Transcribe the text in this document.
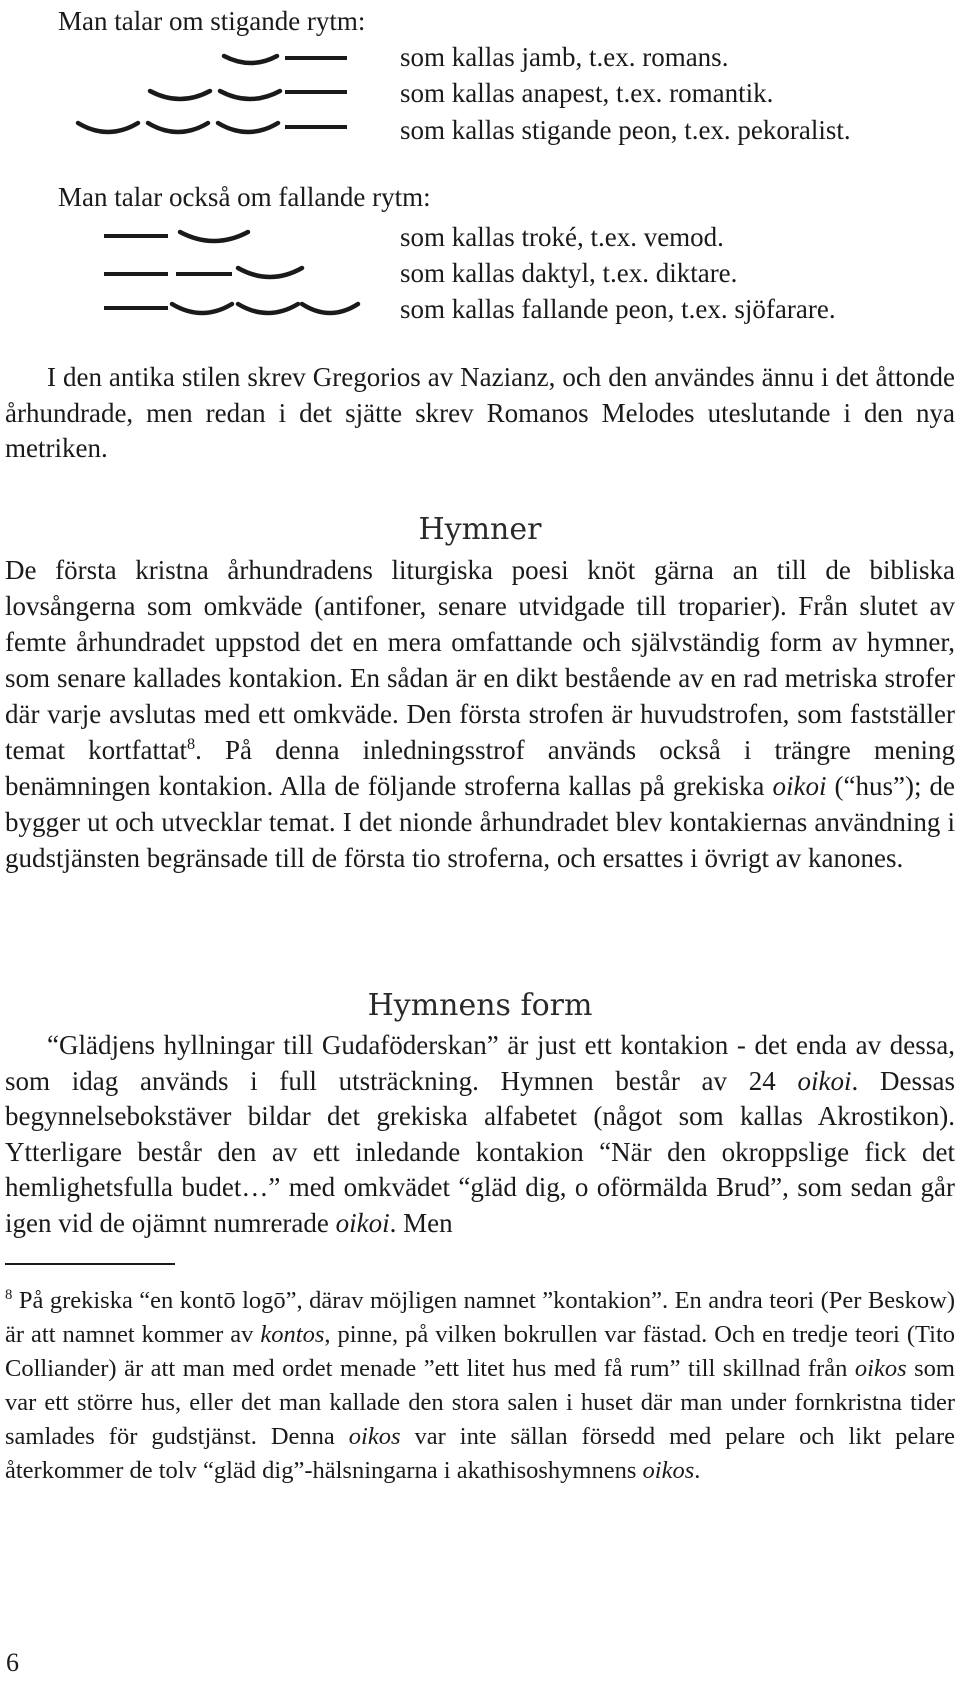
Man talar om stigande rytm:

som kallas jamb, t.ex. romans.
som kallas anapest, t.ex. romantik.
som kallas stigande peon, t.ex. pekoralist.

Man talar också om fallande rytm:

som kallas troké, t.ex. vemod.
som kallas daktyl, t.ex. diktare.
som kallas fallande peon, t.ex. sjöfarare.

I den antika stilen skrev Gregorios av Nazianz, och den användes ännu i det åttonde århundrade, men redan i det sjätte skrev Romanos Melodes uteslutande i den nya metriken.

Hymner

De första kristna århundradens liturgiska poesi knöt gärna an till de bibliska lovsångerna som omkväde (antifoner, senare utvidgade till troparier). Från slutet av femte århundradet uppstod det en mera omfattande och självständig form av hymner, som senare kallades kontakion. En sådan är en dikt bestående av en rad metriska strofer där varje avslutas med ett omkväde. Den första strofen är huvudstrofen, som fastställer temat kortfattat$^8$. På denna inledningsstrof används också i trängre mening benämningen kontakion. Alla de följande stroferna kallas på grekiska oikoi (“hus”); de bygger ut och utvecklar temat. I det nionde århundradet blev kontakiernas användning i gudstjänsten begränsade till de första tio stroferna, och ersattes i övrigt av kanones.

Hymnens form

“Glädjens hyllningar till Gudaföderskan” är just ett kontakion - det enda av dessa, som idag används i full utsträckning. Hymnen består av 24 oikoi. Dessas begynnelsebokstäver bildar det grekiska alfabetet (något som kallas Akrostikon). Ytterligare består den av ett inledande kontakion “När den okroppslige fick det hemlighetsfulla budet…” med omkvädet “gläd dig, o oförmälda Brud”, som sedan går igen vid de ojämnt numrerade oikoi. Men

$^8$ På grekiska “en kontō logō”, därav möjligen namnet ”kontakion”. En andra teori (Per Beskow) är att namnet kommer av kontos, pinne, på vilken bokrullen var fästad. Och en tredje teori (Tito Colliander) är att man med ordet menade ”ett litet hus med få rum” till skillnad från oikos som var ett större hus, eller det man kallade den stora salen i huset där man under fornkristna tider samlades för gudstjänst. Denna oikos var inte sällan försedd med pelare och likt pelare återkommer de tolv “gläd dig”-hälsningarna i akathisoshymnens oikos.

6
